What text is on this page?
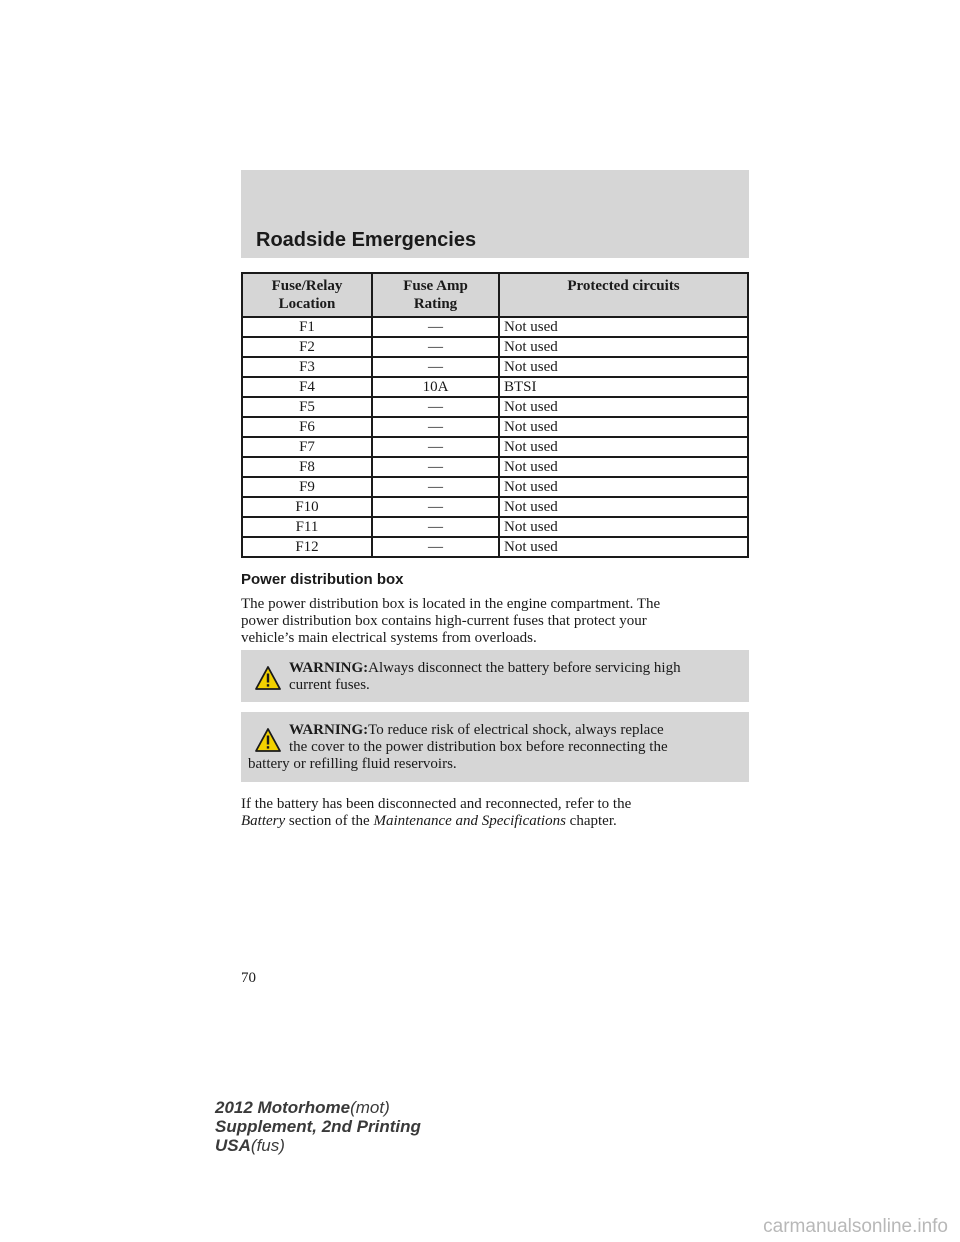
Roadside Emergencies
Fuse/Relay
Location	Fuse Amp
Rating	Protected circuits
F1	—	Not used
F2	—	Not used
F3	—	Not used
F4	10A	BTSI
F5	—	Not used
F6	—	Not used
F7	—	Not used
F8	—	Not used
F9	—	Not used
F10	—	Not used
F11	—	Not used
F12	—	Not used
Power distribution box

The power distribution box is located in the engine compartment. The
power distribution box contains high-current fuses that protect your
vehicle’s main electrical systems from overloads.

WARNING:Always disconnect the battery before servicing high
current fuses.
WARNING:To reduce risk of electrical shock, always replace
the cover to the power distribution box before reconnecting the
battery or refilling fluid reservoirs.

If the battery has been disconnected and reconnected, refer to the
Battery section of the Maintenance and Specifications chapter.

70
2012 Motorhome(mot)
Supplement, 2nd Printing
USA(fus)
carmanualsonline.info
